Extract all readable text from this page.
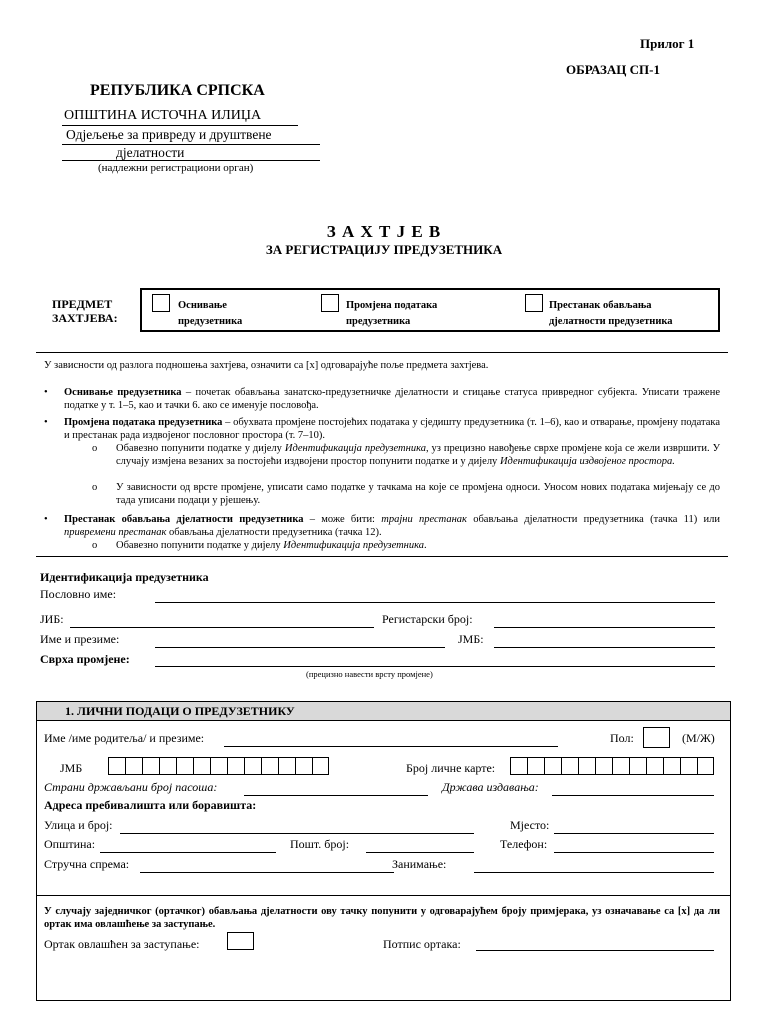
Прилог 1
ОБРАЗАЦ СП-1
РЕПУБЛИКА СРПСКА
ОПШТИНА ИСТОЧНА ИЛИЏА
Одјељење за привреду и друштвене
дјелатности
(надлежни регистрациони орган)
З А Х Т Ј Е В
ЗА РЕГИСТРАЦИЈУ ПРЕДУЗЕТНИКА
ПРЕДМЕТ
ЗАХТЈЕВА:
Оснивање
предузетника
Промјена података
предузетника
Престанак обављања
дјелатности предузетника
У зависности од разлога подношења захтјева, означити са [x] одговарајуће поље предмета захтјева.
• Оснивање предузетника – почетак обављања занатско-предузетничке дјелатности и стицање статуса привредног субјекта. Уписати тражене податке у т. 1–5, као и тачки 6. ако се именује пословођа.
• Промјена података предузетника – обухвата промјене постојећих података у сједишту предузетника (т. 1–6), као и отварање, промјену података и престанак рада издвојеног пословног простора (т. 7–10).
o Обавезно попунити податке у дијелу Идентификација предузетника, уз прецизно навођење сврхе промјене која се жели извршити. У случају измјена везаних за постојећи издвојени простор попунити податке и у дијелу Идентификација издвојеног простора.
o У зависности од врсте промјене, уписати само податке у тачкама на које се промјена односи. Уносом нових података мијењају се до тада уписани подаци у рјешењу.
• Престанак обављања дјелатности предузетника – може бити: трајни престанак обављања дјелатности предузетника (тачка 11) или привремени престанак обављања дјелатности предузетника (тачка 12).
o Обавезно попунити податке у дијелу Идентификација предузетника.
Идентификација предузетника
Пословно име:
ЈИБ:	Регистарски број:
Име и презиме:	ЈМБ:
Сврха промјене:
(прецизно навести врсту промјене)
1. ЛИЧНИ ПОДАЦИ О ПРЕДУЗЕТНИКУ
Име /име родитеља/ и презиме:	Пол:	(М/Ж)
ЈМБ	Број личне карте:
Страни држављани број пасоша:	Држава издавања:
Адреса пребивалишта или боравишта:
Улица и број:	Мјесто:
Општина:	Пошт. број:	Телефон:
Стручна спрема:	Занимање:
У случају заједничког (ортачког) обављања дјелатности ову тачку попунити у одговарајућем броју примјерака, уз означавање са [x] да ли ортак има овлашћење за заступање.
Ортак овлашћен за заступање:	Потпис ортака:
